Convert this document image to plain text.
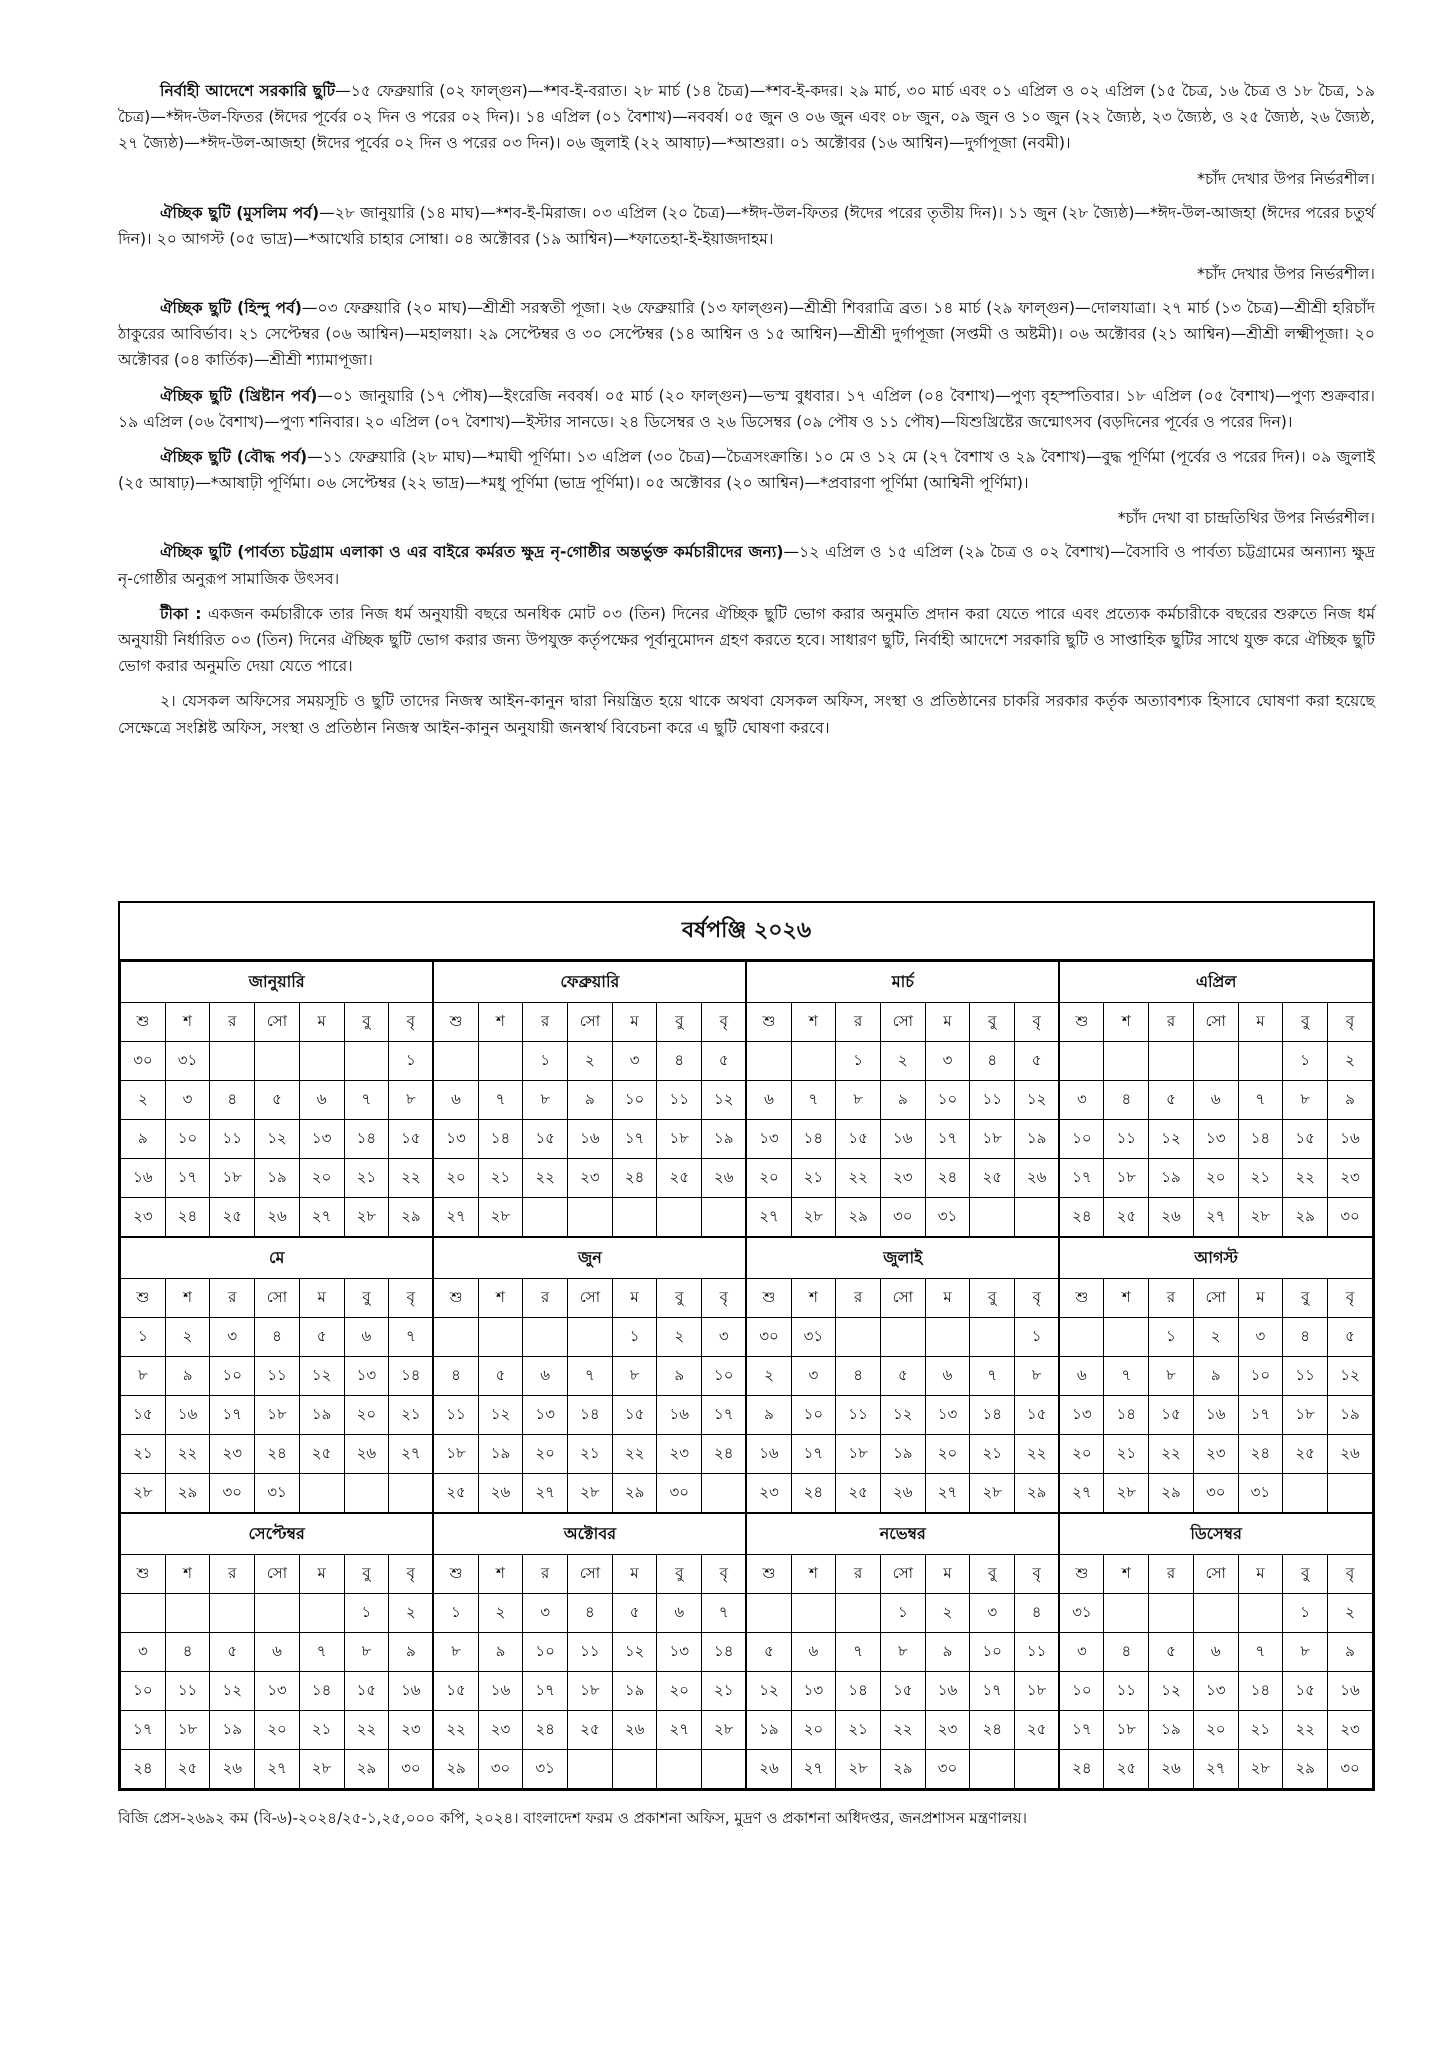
নির্বাহী আদেশে সরকারি ছুটি—১৫ ফেব্রুয়ারি (০২ ফাল্গুন)—*শব-ই-বরাত। ২৮ মার্চ (১৪ চৈত্র)—*শব-ই-কদর। ২৯ মার্চ, ৩০ মার্চ এবং ০১ এপ্রিল ও ০২ এপ্রিল (১৫ চৈত্র, ১৬ চৈত্র ও ১৮ চৈত্র, ১৯ চৈত্র)—*ঈদ-উল-ফিতর (ঈদের পূর্বের ০২ দিন ও পরের ০২ দিন)। ১৪ এপ্রিল (০১ বৈশাখ)—নববর্ষ। ০৫ জুন ও ০৬ জুন এবং ০৮ জুন, ০৯ জুন ও ১০ জুন (২২ জ্যৈষ্ঠ, ২৩ জ্যৈষ্ঠ, ও ২৫ জ্যৈষ্ঠ, ২৬ জ্যৈষ্ঠ, ২৭ জ্যৈষ্ঠ)—*ঈদ-উল-আজহা (ঈদের পূর্বের ০২ দিন ও পরের ০৩ দিন)। ০৬ জুলাই (২২ আষাঢ়)—*আশুরা। ০১ অক্টোবর (১৬ আশ্বিন)—দুর্গাপূজা (নবমী)।

*চাঁদ দেখার উপর নির্ভরশীল।

ঐচ্ছিক ছুটি (মুসলিম পর্ব)—২৮ জানুয়ারি (১৪ মাঘ)—*শব-ই-মিরাজ। ০৩ এপ্রিল (২০ চৈত্র)—*ঈদ-উল-ফিতর (ঈদের পরের তৃতীয় দিন)। ১১ জুন (২৮ জ্যৈষ্ঠ)—*ঈদ-উল-আজহা (ঈদের পরের চতুর্থ দিন)। ২০ আগস্ট (০৫ ভাদ্র)—*আখেরি চাহার সোম্বা। ০৪ অক্টোবর (১৯ আশ্বিন)—*ফাতেহা-ই-ইয়াজদাহম।

*চাঁদ দেখার উপর নির্ভরশীল।

ঐচ্ছিক ছুটি (হিন্দু পর্ব)—০৩ ফেব্রুয়ারি (২০ মাঘ)—শ্রীশ্রী সরস্বতী পূজা। ২৬ ফেব্রুয়ারি (১৩ ফাল্গুন)—শ্রীশ্রী শিবরাত্রি ব্রত। ১৪ মার্চ (২৯ ফাল্গুন)—দোলযাত্রা। ২৭ মার্চ (১৩ চৈত্র)—শ্রীশ্রী হরিচাঁদ ঠাকুরের আবির্ভাব। ২১ সেপ্টেম্বর (০৬ আশ্বিন)—মহালয়া। ২৯ সেপ্টেম্বর ও ৩০ সেপ্টেম্বর (১৪ আশ্বিন ও ১৫ আশ্বিন)—শ্রীশ্রী দুর্গাপূজা (সপ্তমী ও অষ্টমী)। ০৬ অক্টোবর (২১ আশ্বিন)—শ্রীশ্রী লক্ষ্মীপূজা। ২০ অক্টোবর (০৪ কার্তিক)—শ্রীশ্রী শ্যামাপূজা।

ঐচ্ছিক ছুটি (খ্রিষ্টান পর্ব)—০১ জানুয়ারি (১৭ পৌষ)—ইংরেজি নববর্ষ। ০৫ মার্চ (২০ ফাল্গুন)—ভস্ম বুধবার। ১৭ এপ্রিল (০৪ বৈশাখ)—পুণ্য বৃহস্পতিবার। ১৮ এপ্রিল (০৫ বৈশাখ)—পুণ্য শুক্রবার। ১৯ এপ্রিল (০৬ বৈশাখ)—পুণ্য শনিবার। ২০ এপ্রিল (০৭ বৈশাখ)—ইস্টার সানডে। ২৪ ডিসেম্বর ও ২৬ ডিসেম্বর (০৯ পৌষ ও ১১ পৌষ)—যিশুখ্রিষ্টের জন্মোৎসব (বড়দিনের পূর্বের ও পরের দিন)।

ঐচ্ছিক ছুটি (বৌদ্ধ পর্ব)—১১ ফেব্রুয়ারি (২৮ মাঘ)—*মাঘী পূর্ণিমা। ১৩ এপ্রিল (৩০ চৈত্র)—চৈত্রসংক্রান্তি। ১০ মে ও ১২ মে (২৭ বৈশাখ ও ২৯ বৈশাখ)—বুদ্ধ পূর্ণিমা (পূর্বের ও পরের দিন)। ০৯ জুলাই (২৫ আষাঢ়)—*আষাঢ়ী পূর্ণিমা। ০৬ সেপ্টেম্বর (২২ ভাদ্র)—*মধু পূর্ণিমা (ভাদ্র পূর্ণিমা)। ০৫ অক্টোবর (২০ আশ্বিন)—*প্রবারণা পূর্ণিমা (আশ্বিনী পূর্ণিমা)।

*চাঁদ দেখা বা চান্দ্রতিথির উপর নির্ভরশীল।

ঐচ্ছিক ছুটি (পার্বত্য চট্টগ্রাম এলাকা ও এর বাইরে কর্মরত ক্ষুদ্র নৃ-গোষ্ঠীর অন্তর্ভুক্ত কর্মচারীদের জন্য)—১২ এপ্রিল ও ১৫ এপ্রিল (২৯ চৈত্র ও ০২ বৈশাখ)—বৈসাবি ও পার্বত্য চট্টগ্রামের অন্যান্য ক্ষুদ্র নৃ-গোষ্ঠীর অনুরূপ সামাজিক উৎসব।

টীকা : একজন কর্মচারীকে তার নিজ ধর্ম অনুযায়ী বছরে অনধিক মোট ০৩ (তিন) দিনের ঐচ্ছিক ছুটি ভোগ করার অনুমতি প্রদান করা যেতে পারে এবং প্রত্যেক কর্মচারীকে বছরের শুরুতে নিজ ধর্ম অনুযায়ী নির্ধারিত ০৩ (তিন) দিনের ঐচ্ছিক ছুটি ভোগ করার জন্য উপযুক্ত কর্তৃপক্ষের পূর্বানুমোদন গ্রহণ করতে হবে। সাধারণ ছুটি, নির্বাহী আদেশে সরকারি ছুটি ও সাপ্তাহিক ছুটির সাথে যুক্ত করে ঐচ্ছিক ছুটি ভোগ করার অনুমতি দেয়া যেতে পারে।

২। যেসকল অফিসের সময়সূচি ও ছুটি তাদের নিজস্ব আইন-কানুন দ্বারা নিয়ন্ত্রিত হয়ে থাকে অথবা যেসকল অফিস, সংস্থা ও প্রতিষ্ঠানের চাকরি সরকার কর্তৃক অত্যাবশ্যক হিসাবে ঘোষণা করা হয়েছে সেক্ষেত্রে সংশ্লিষ্ট অফিস, সংস্থা ও প্রতিষ্ঠান নিজস্ব আইন-কানুন অনুযায়ী জনস্বার্থ বিবেচনা করে এ ছুটি ঘোষণা করবে।

বর্ষপঞ্জি ২০২৬
জানুয়ারি							ফেব্রুয়ারি							মার্চ							এপ্রিল						
শু	শ	র	সো	ম	বু	বৃ	শু	শ	র	সো	ম	বু	বৃ	শু	শ	র	সো	ম	বু	বৃ	শু	শ	র	সো	ম	বু	বৃ
৩০	৩১					১			১	২	৩	৪	৫			১	২	৩	৪	৫						১	২
২	৩	৪	৫	৬	৭	৮	৬	৭	৮	৯	১০	১১	১২	৬	৭	৮	৯	১০	১১	১২	৩	৪	৫	৬	৭	৮	৯
৯	১০	১১	১২	১৩	১৪	১৫	১৩	১৪	১৫	১৬	১৭	১৮	১৯	১৩	১৪	১৫	১৬	১৭	১৮	১৯	১০	১১	১২	১৩	১৪	১৫	১৬
১৬	১৭	১৮	১৯	২০	২১	২২	২০	২১	২২	২৩	২৪	২৫	২৬	২০	২১	২২	২৩	২৪	২৫	২৬	১৭	১৮	১৯	২০	২১	২২	২৩
২৩	২৪	২৫	২৬	২৭	২৮	২৯	২৭	২৮						২৭	২৮	২৯	৩০	৩১			২৪	২৫	২৬	২৭	২৮	২৯	৩০
মে							জুন							জুলাই							আগস্ট						
শু	শ	র	সো	ম	বু	বৃ	শু	শ	র	সো	ম	বু	বৃ	শু	শ	র	সো	ম	বু	বৃ	শু	শ	র	সো	ম	বু	বৃ
১	২	৩	৪	৫	৬	৭					১	২	৩	৩০	৩১					১			১	২	৩	৪	৫
৮	৯	১০	১১	১২	১৩	১৪	৪	৫	৬	৭	৮	৯	১০	২	৩	৪	৫	৬	৭	৮	৬	৭	৮	৯	১০	১১	১২
১৫	১৬	১৭	১৮	১৯	২০	২১	১১	১২	১৩	১৪	১৫	১৬	১৭	৯	১০	১১	১২	১৩	১৪	১৫	১৩	১৪	১৫	১৬	১৭	১৮	১৯
২১	২২	২৩	২৪	২৫	২৬	২৭	১৮	১৯	২০	২১	২২	২৩	২৪	১৬	১৭	১৮	১৯	২০	২১	২২	২০	২১	২২	২৩	২৪	২৫	২৬
২৮	২৯	৩০	৩১				২৫	২৬	২৭	২৮	২৯	৩০		২৩	২৪	২৫	২৬	২৭	২৮	২৯	২৭	২৮	২৯	৩০	৩১		
সেপ্টেম্বর							অক্টোবর							নভেম্বর							ডিসেম্বর						
শু	শ	র	সো	ম	বু	বৃ	শু	শ	র	সো	ম	বু	বৃ	শু	শ	র	সো	ম	বু	বৃ	শু	শ	র	সো	ম	বু	বৃ
					১	২	১	২	৩	৪	৫	৬	৭				১	২	৩	৪	৩১					১	২
৩	৪	৫	৬	৭	৮	৯	৮	৯	১০	১১	১২	১৩	১৪	৫	৬	৭	৮	৯	১০	১১	৩	৪	৫	৬	৭	৮	৯
১০	১১	১২	১৩	১৪	১৫	১৬	১৫	১৬	১৭	১৮	১৯	২০	২১	১২	১৩	১৪	১৫	১৬	১৭	১৮	১০	১১	১২	১৩	১৪	১৫	১৬
১৭	১৮	১৯	২০	২১	২২	২৩	২২	২৩	২৪	২৫	২৬	২৭	২৮	১৯	২০	২১	২২	২৩	২৪	২৫	১৭	১৮	১৯	২০	২১	২২	২৩
২৪	২৫	২৬	২৭	২৮	২৯	৩০	২৯	৩০	৩১					২৬	২৭	২৮	২৯	৩০			২৪	২৫	২৬	২৭	২৮	২৯	৩০
বিজি প্রেস-২৬৯২ কম (বি-৬)-২০২৪/২৫-১,২৫,০০০ কপি, ২০২৪। বাংলাদেশ ফরম ও প্রকাশনা অফিস, মুদ্রণ ও প্রকাশনা অধিদপ্তর, জনপ্রশাসন মন্ত্রণালয়।
